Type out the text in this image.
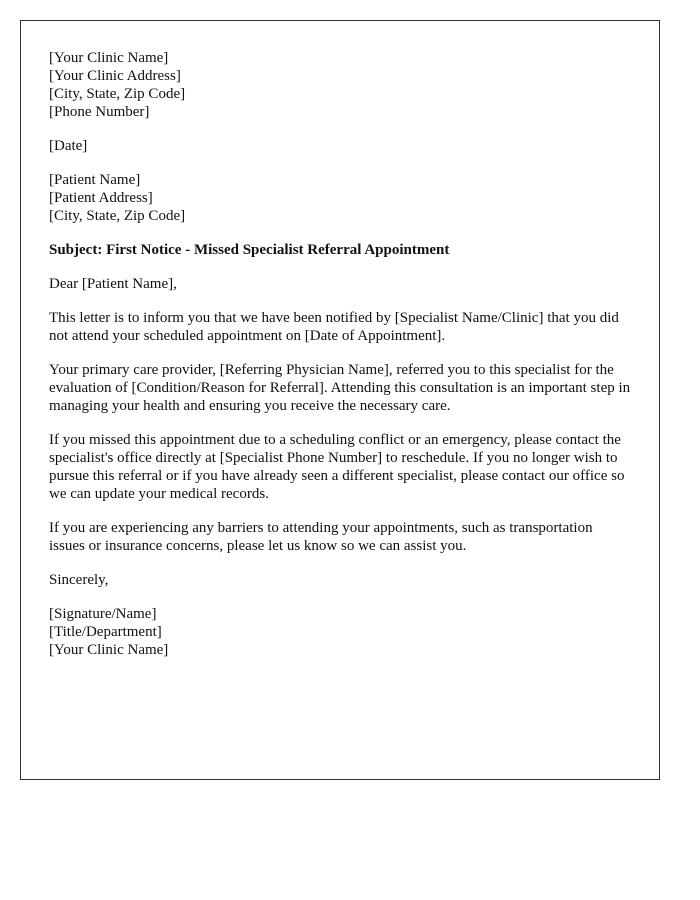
[Your Clinic Name]
[Your Clinic Address]
[City, State, Zip Code]
[Phone Number]
[Date]
[Patient Name]
[Patient Address]
[City, State, Zip Code]

Subject: First Notice - Missed Specialist Referral Appointment

Dear [Patient Name],

This letter is to inform you that we have been notified by [Specialist Name/Clinic] that you did not attend your scheduled appointment on [Date of Appointment].

Your primary care provider, [Referring Physician Name], referred you to this specialist for the evaluation of [Condition/Reason for Referral]. Attending this consultation is an important step in managing your health and ensuring you receive the necessary care.

If you missed this appointment due to a scheduling conflict or an emergency, please contact the specialist's office directly at [Specialist Phone Number] to reschedule. If you no longer wish to pursue this referral or if you have already seen a different specialist, please contact our office so we can update your medical records.

If you are experiencing any barriers to attending your appointments, such as transportation issues or insurance concerns, please let us know so we can assist you.

Sincerely,

[Signature/Name]
[Title/Department]
[Your Clinic Name]
